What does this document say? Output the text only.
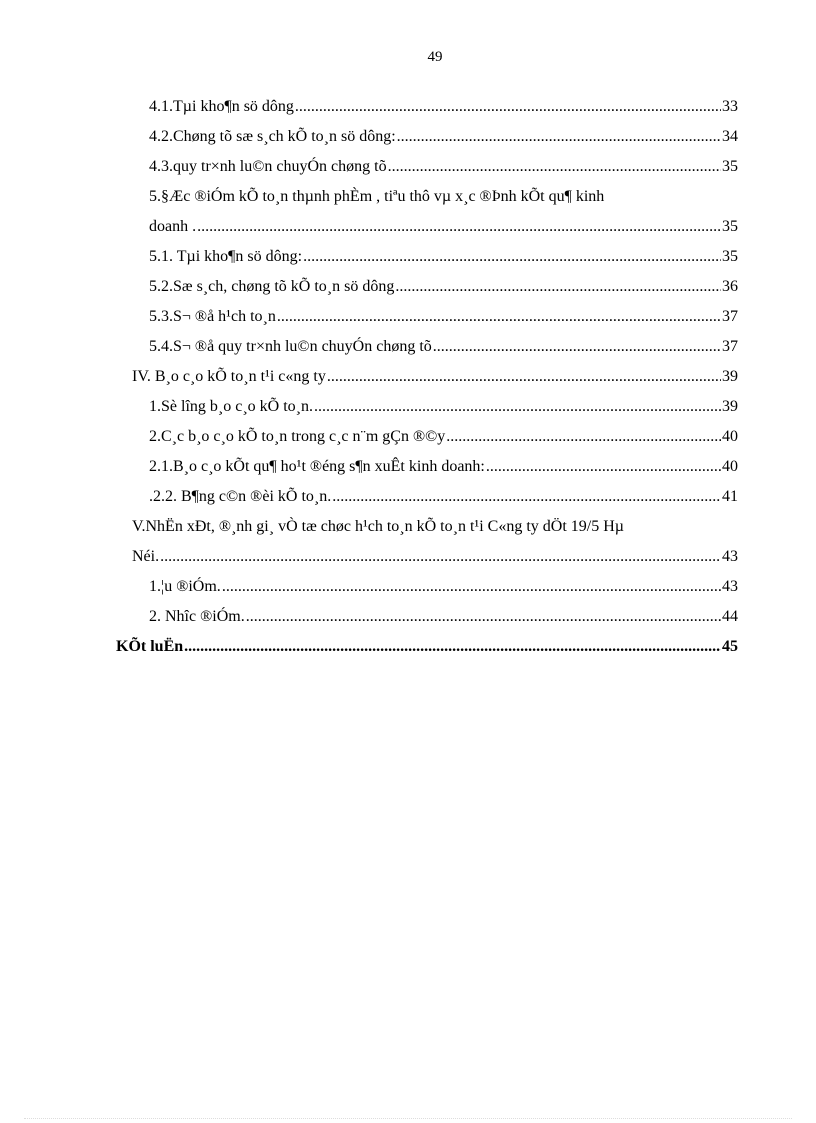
49
4.1.Tµi kho¶n sö dông .....	33
4.2.Chøng tõ sæ s¸ch kÕ to¸n sö dông: .....	34
4.3.quy tr×nh lu©n chuyÓn chøng tõ .....	35
5.§Æc ®iÓm kÕ to¸n thµnh phÈm , tiªu thô vµ x¸c ®Þnh kÕt qu¶ kinh
doanh . .....	35
5.1. Tµi kho¶n sö dông: .....	35
5.2.Sæ s¸ch, chøng tõ kÕ to¸n sö dông .....	36
5.3.S¬ ®å h¹ch to¸n .....	37
5.4.S¬ ®å quy tr×nh lu©n chuyÓn chøng tõ .....	37
IV. B¸o c¸o kÕ to¸n t¹i c«ng ty .....	39
1.Sè lîng b¸o c¸o kÕ to¸n. .....	39
2.C¸c b¸o c¸o kÕ to¸n trong c¸c n¨m gÇn ®©y .....	40
2.1.B¸o c¸o kÕt qu¶ ho¹t ®éng s¶n xuÊt kinh doanh: .....	40
.2.2. B¶ng c©n ®èi kÕ to¸n. .....	41
V.NhËn xÐt, ®¸nh gi¸ vÒ tæ chøc h¹ch to¸n kÕ to¸n t¹i C«ng ty dÖt 19/5 Hµ
Néi. .....	43
1.¦u ®iÓm. .....	43
2. Nhîc ®iÓm. .....	44
KÕt luËn .....	45
